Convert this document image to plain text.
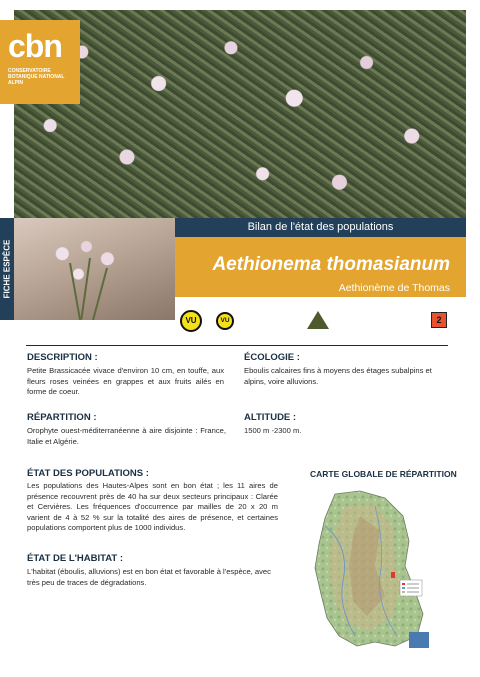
cbn
CONSERVATOIRE
BOTANIQUE NATIONAL
ALPIN
FICHE ESPÈCE
Bilan de l'état des populations
Aethionema thomasianum
Aethionème de Thomas
VU	VU	2
DESCRIPTION :
Petite Brassicacée vivace d'environ 10 cm, en touffe, aux fleurs roses veinées en grappes et aux fruits ailés en forme de coeur.
ÉCOLOGIE :
Eboulis calcaires fins à moyens des étages subalpins et alpins, voire alluvions.
RÉPARTITION :
Orophyte ouest-méditerranéenne à aire disjointe : France, Italie et Algérie.
ALTITUDE :
1500 m -2300 m.
ÉTAT DES POPULATIONS :
Les populations des Hautes-Alpes sont en bon état ; les 11 aires de présence recouvrent près de 40 ha sur deux secteurs principaux : Clarée et Cervières. Les fréquences d'occurrence par mailles de 20 x 20 m varient de 4 à 52 % sur la totalité des aires de présence, et certaines populations comportent plus de 1000 individus.
ÉTAT DE L'HABITAT :
L'habitat (éboulis, alluvions) est en bon état et favorable à l'espèce, avec très peu de traces de dégradations.
CARTE GLOBALE DE RÉPARTITION
